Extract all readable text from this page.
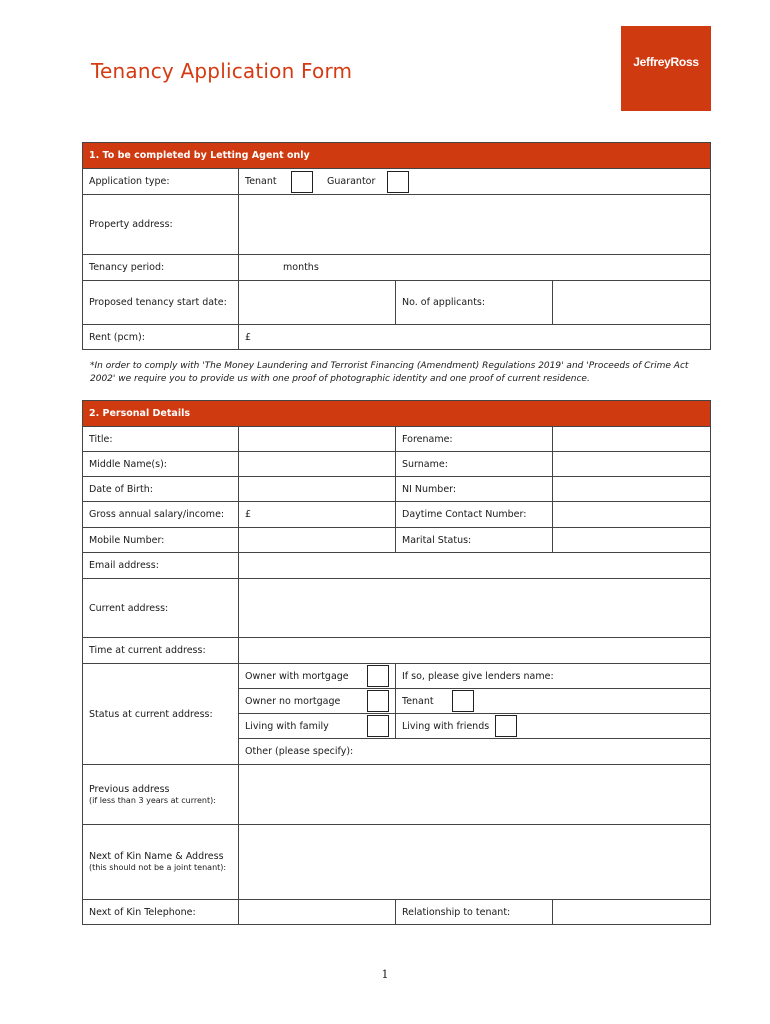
Tenancy Application Form	JeffreyRoss
1. To be completed by Letting Agent only			
Application type:	Tenant Guarantor		

Property address:			
Tenancy period:	months		
Proposed tenancy start date:		No. of applicants:	
Rent (pcm):	£		
*In order to comply with 'The Money Laundering and Terrorist Financing (Amendment) Regulations 2019' and 'Proceeds of Crime Act 2002' we require you to provide us with one proof of photographic identity and one proof of current residence.
2. Personal Details			
Title:		Forename:	
Middle Name(s):		Surname:	
Date of Birth:		NI Number:	
Gross annual salary/income:	£	Daytime Contact Number:	
Mobile Number:		Marital Status:	
Email address:			
Current address:			
Time at current address:			
Status at current address:	Owner with mortgage	If so, please give lenders name:	

	Owner no mortgage	Tenant	

	Living with family	Living with friends	

	Other (please specify):		

Previous address
(if less than 3 years at current):			

Next of Kin Name & Address
(this should not be a joint tenant):			

Next of Kin Telephone:		Relationship to tenant:	
1
